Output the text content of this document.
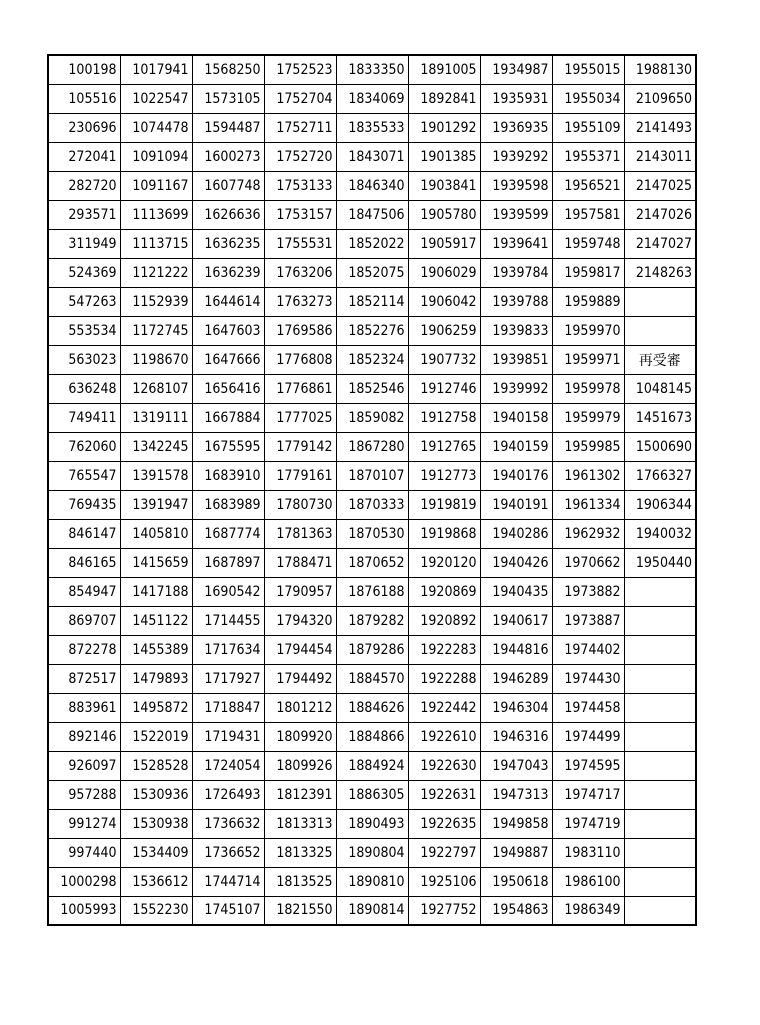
100198	1017941	1568250	1752523	1833350	1891005	1934987	1955015	1988130
105516	1022547	1573105	1752704	1834069	1892841	1935931	1955034	2109650
230696	1074478	1594487	1752711	1835533	1901292	1936935	1955109	2141493
272041	1091094	1600273	1752720	1843071	1901385	1939292	1955371	2143011
282720	1091167	1607748	1753133	1846340	1903841	1939598	1956521	2147025
293571	1113699	1626636	1753157	1847506	1905780	1939599	1957581	2147026
311949	1113715	1636235	1755531	1852022	1905917	1939641	1959748	2147027
524369	1121222	1636239	1763206	1852075	1906029	1939784	1959817	2148263
547263	1152939	1644614	1763273	1852114	1906042	1939788	1959889	
553534	1172745	1647603	1769586	1852276	1906259	1939833	1959970	
563023	1198670	1647666	1776808	1852324	1907732	1939851	1959971	再受審
636248	1268107	1656416	1776861	1852546	1912746	1939992	1959978	1048145
749411	1319111	1667884	1777025	1859082	1912758	1940158	1959979	1451673
762060	1342245	1675595	1779142	1867280	1912765	1940159	1959985	1500690
765547	1391578	1683910	1779161	1870107	1912773	1940176	1961302	1766327
769435	1391947	1683989	1780730	1870333	1919819	1940191	1961334	1906344
846147	1405810	1687774	1781363	1870530	1919868	1940286	1962932	1940032
846165	1415659	1687897	1788471	1870652	1920120	1940426	1970662	1950440
854947	1417188	1690542	1790957	1876188	1920869	1940435	1973882	
869707	1451122	1714455	1794320	1879282	1920892	1940617	1973887	
872278	1455389	1717634	1794454	1879286	1922283	1944816	1974402	
872517	1479893	1717927	1794492	1884570	1922288	1946289	1974430	
883961	1495872	1718847	1801212	1884626	1922442	1946304	1974458	
892146	1522019	1719431	1809920	1884866	1922610	1946316	1974499	
926097	1528528	1724054	1809926	1884924	1922630	1947043	1974595	
957288	1530936	1726493	1812391	1886305	1922631	1947313	1974717	
991274	1530938	1736632	1813313	1890493	1922635	1949858	1974719	
997440	1534409	1736652	1813325	1890804	1922797	1949887	1983110	
1000298	1536612	1744714	1813525	1890810	1925106	1950618	1986100	
1005993	1552230	1745107	1821550	1890814	1927752	1954863	1986349	
